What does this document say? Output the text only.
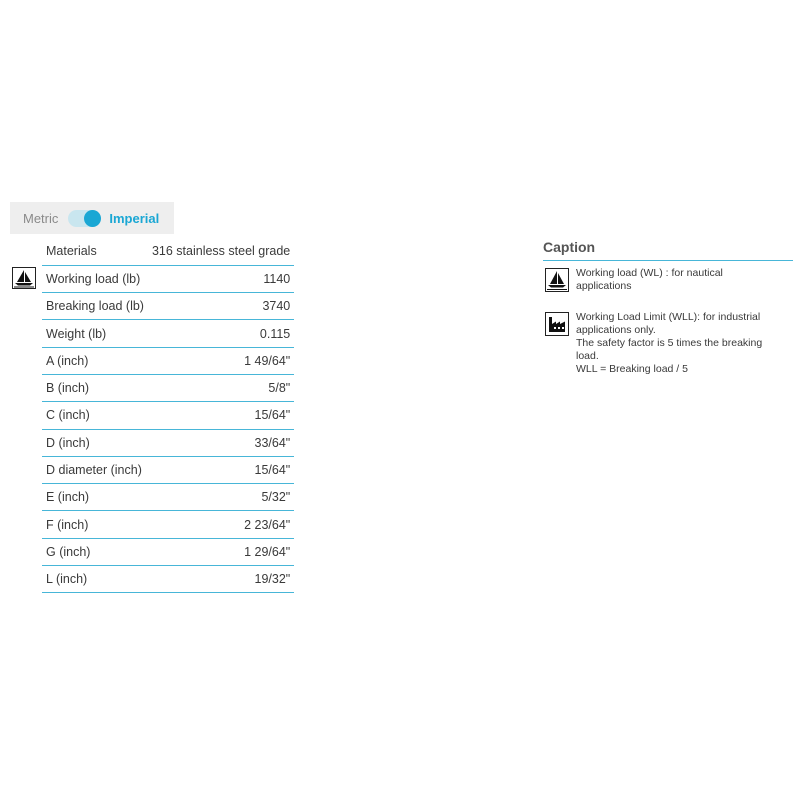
Metric	Imperial
Materials	316 stainless steel grade
Working load (lb)	1140
Breaking load (lb)	3740
Weight (lb)	0.115
A (inch)	1 49/64"
B (inch)	5/8"
C (inch)	15/64"
D (inch)	33/64"
D diameter (inch)	15/64"
E (inch)	5/32"
F (inch)	2 23/64"
G (inch)	1 29/64"
L (inch)	19/32"
Caption
Working load (WL) : for nautical
applications
Working Load Limit (WLL): for industrial
applications only.
The safety factor is 5 times the breaking
load.
WLL = Breaking load / 5
